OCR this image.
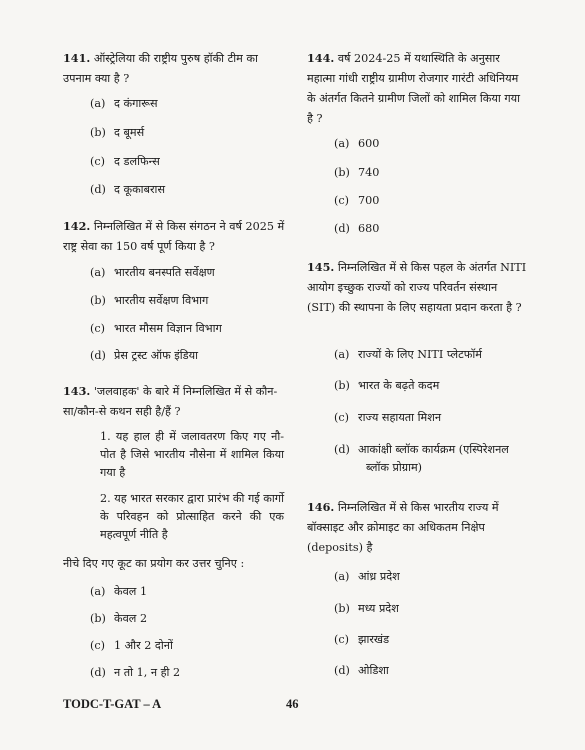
141. ऑस्ट्रेलिया की राष्ट्रीय पुरुष हॉकी टीम का उपनाम क्या है ?
(a) द कंगारूस
(b) द बूमर्स
(c) द डलफिन्स
(d) द कूकाबरास
142. निम्नलिखित में से किस संगठन ने वर्ष 2025 में राष्ट्र सेवा का 150 वर्ष पूर्ण किया है ?
(a) भारतीय बनस्पति सर्वेक्षण
(b) भारतीय सर्वेक्षण विभाग
(c) भारत मौसम विज्ञान विभाग
(d) प्रेस ट्रस्ट ऑफ इंडिया
143. 'जलवाहक' के बारे में निम्नलिखित में से कौन-सा/कौन-से कथन सही है/हैं ?
1. यह हाल ही में जलावतरण किए गए नौ-पोत है जिसे भारतीय नौसेना में शामिल किया गया है
2. यह भारत सरकार द्वारा प्रारंभ की गई कार्गो के परिवहन को प्रोत्साहित करने की एक महत्वपूर्ण नीति है
नीचे दिए गए कूट का प्रयोग कर उत्तर चुनिए :
(a) केवल 1
(b) केवल 2
(c) 1 और 2 दोनों
(d) न तो 1, न ही 2
144. वर्ष 2024-25 में यथास्थिति के अनुसार महात्मा गांधी राष्ट्रीय ग्रामीण रोजगार गारंटी अधिनियम के अंतर्गत कितने ग्रामीण जिलों को शामिल किया गया है ?
(a) 600
(b) 740
(c) 700
(d) 680
145. निम्नलिखित में से किस पहल के अंतर्गत NITI आयोग इच्छुक राज्यों को राज्य परिवर्तन संस्थान (SIT) की स्थापना के लिए सहायता प्रदान करता है ?
(a) राज्यों के लिए NITI प्लेटफॉर्म
(b) भारत के बढ़ते कदम
(c) राज्य सहायता मिशन
(d) आकांक्षी ब्लॉक कार्यक्रम (एस्पिरेशनल
ब्लॉक प्रोग्राम)
146. निम्नलिखित में से किस भारतीय राज्य में बॉक्साइट और क्रोमाइट का अधिकतम निक्षेप (deposits) है
(a) आंध्र प्रदेश
(b) मध्य प्रदेश
(c) झारखंड
(d) ओडिशा
TODC-T-GAT – A	46
